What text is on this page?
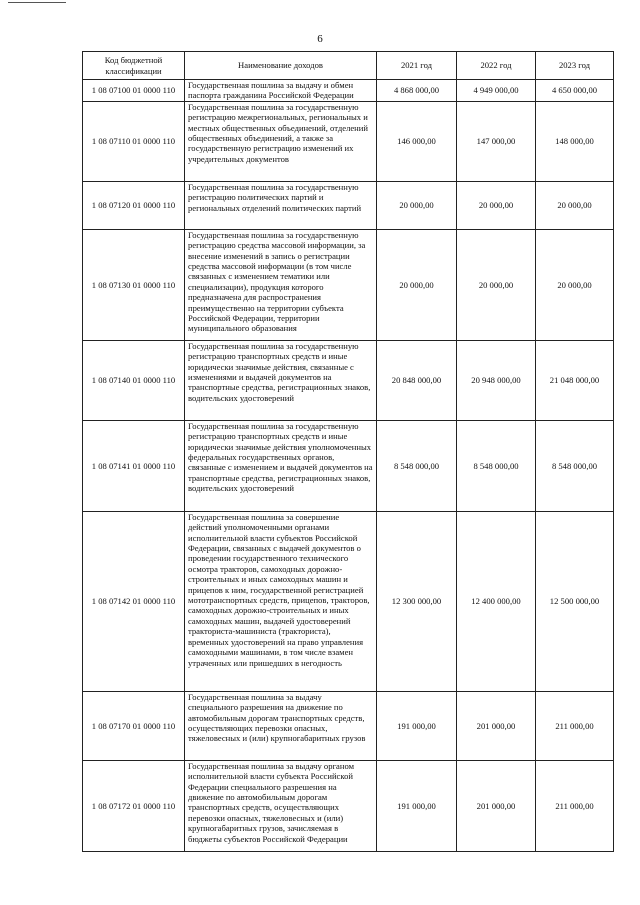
6
Код бюджетной классификации	Наименование доходов	2021 год	2022 год	2023 год
1 08 07100 01 0000 110	Государственная пошлина за выдачу и обмен паспорта гражданина Российской Федерации	4 868 000,00	4 949 000,00	4 650 000,00
1 08 07110 01 0000 110	Государственная пошлина за государственную регистрацию межрегиональных, региональных и местных общественных объединений, отделений общественных объединений, а также за государственную регистрацию изменений их учредительных документов	146 000,00	147 000,00	148 000,00
1 08 07120 01 0000 110	Государственная пошлина за государственную регистрацию политических партий и региональных отделений политических партий	20 000,00	20 000,00	20 000,00
1 08 07130 01 0000 110	Государственная пошлина за государственную регистрацию средства массовой информации, за внесение изменений в запись о регистрации средства массовой информации (в том числе связанных с изменением тематики или специализации), продукция которого предназначена для распространения преимущественно на территории субъекта Российской Федерации, территории муниципального образования	20 000,00	20 000,00	20 000,00
1 08 07140 01 0000 110	Государственная пошлина за государственную регистрацию транспортных средств и иные юридически значимые действия, связанные с изменениями и выдачей документов на транспортные средства, регистрационных знаков, водительских удостоверений	20 848 000,00	20 948 000,00	21 048 000,00
1 08 07141 01 0000 110	Государственная пошлина за государственную регистрацию транспортных средств и иные юридически значимые действия уполномоченных федеральных государственных органов, связанные с изменением и выдачей документов на транспортные средства, регистрационных знаков, водительских удостоверений	8 548 000,00	8 548 000,00	8 548 000,00
1 08 07142 01 0000 110	Государственная пошлина за совершение действий уполномоченными органами исполнительной власти субъектов Российской Федерации, связанных с выдачей документов о проведении государственного технического осмотра тракторов, самоходных дорожно-строительных и иных самоходных машин и прицепов к ним, государственной регистрацией мототранспортных средств, прицепов, тракторов, самоходных дорожно-строительных и иных самоходных машин, выдачей удостоверений тракториста-машиниста (тракториста), временных удостоверений на право управления самоходными машинами, в том числе взамен утраченных или пришедших в негодность	12 300 000,00	12 400 000,00	12 500 000,00
1 08 07170 01 0000 110	Государственная пошлина за выдачу специального разрешения на движение по автомобильным дорогам транспортных средств, осуществляющих перевозки опасных, тяжеловесных и (или) крупногабаритных грузов	191 000,00	201 000,00	211 000,00
1 08 07172 01 0000 110	Государственная пошлина за выдачу органом исполнительной власти субъекта Российской Федерации специального разрешения на движение по автомобильным дорогам транспортных средств, осуществляющих перевозки опасных, тяжеловесных и (или) крупногабаритных грузов, зачисляемая в бюджеты субъектов Российской Федерации	191 000,00	201 000,00	211 000,00
